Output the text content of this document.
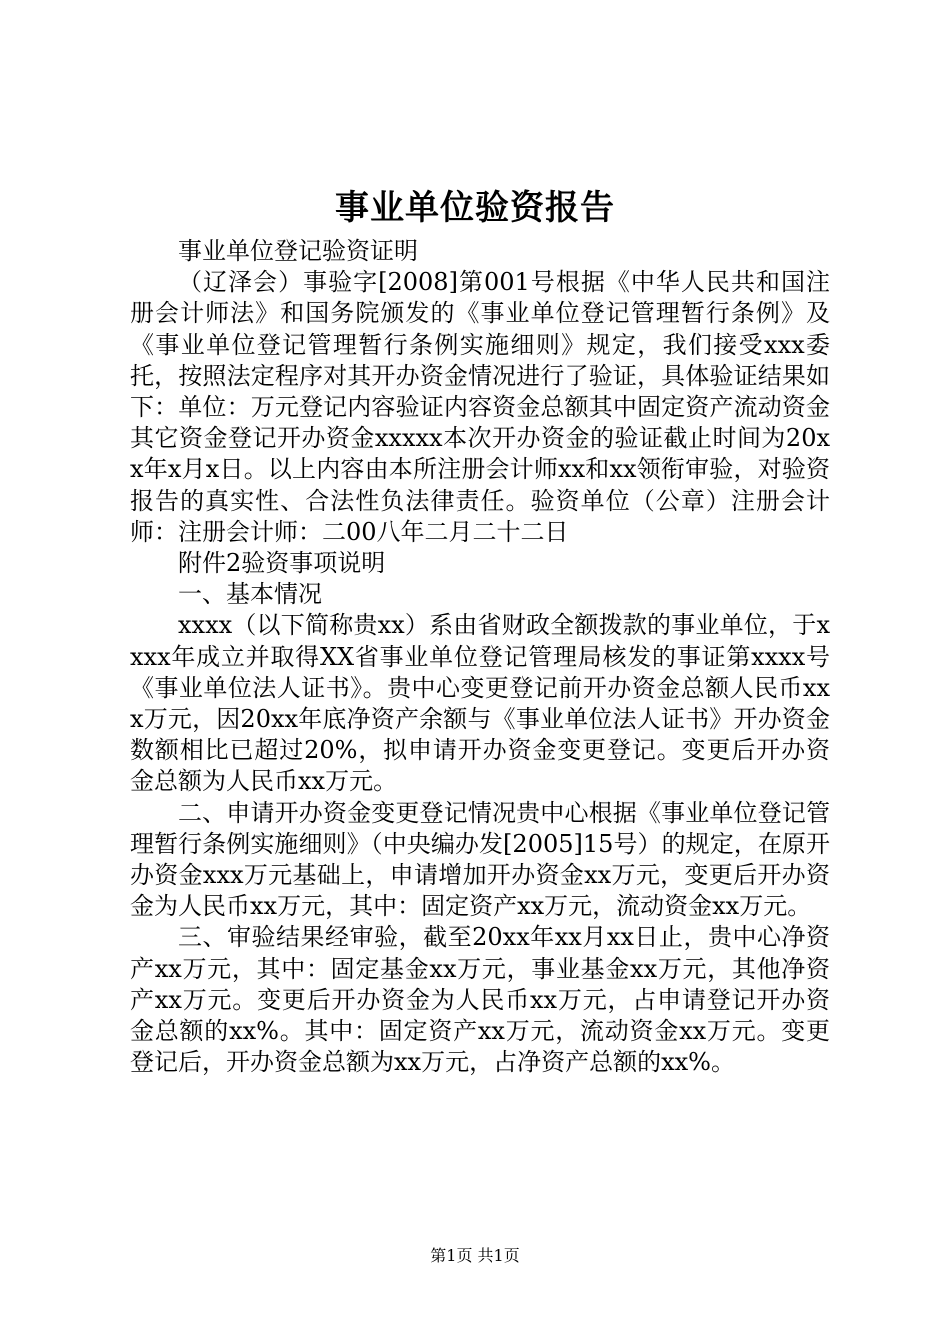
事业单位验资报告

事业单位登记验资证明

（辽泽会）事验字[2008]第001号根据《中华人民共和国注册会计师法》和国务院颁发的《事业单位登记管理暂行条例》及《事业单位登记管理暂行条例实施细则》规定，我们接受xxx委托，按照法定程序对其开办资金情况进行了验证，具体验证结果如下：单位：万元登记内容验证内容资金总额其中固定资产流动资金其它资金登记开办资金xxxxx本次开办资金的验证截止时间为20xx年x月x日。以上内容由本所注册会计师xx和xx领衔审验，对验资报告的真实性、合法性负法律责任。验资单位（公章）注册会计师：注册会计师：二00八年二月二十二日

附件2验资事项说明

一、基本情况

xxxx（以下简称贵xx）系由省财政全额拨款的事业单位，于xxxx年成立并取得XX省事业单位登记管理局核发的事证第xxxx号《事业单位法人证书》。贵中心变更登记前开办资金总额人民币xxx万元，因20xx年底净资产余额与《事业单位法人证书》开办资金数额相比已超过20%，拟申请开办资金变更登记。变更后开办资金总额为人民币xx万元。

二、申请开办资金变更登记情况贵中心根据《事业单位登记管理暂行条例实施细则》（中央编办发[2005]15号）的规定，在原开办资金xxx万元基础上，申请增加开办资金xx万元，变更后开办资金为人民币xx万元，其中：固定资产xx万元，流动资金xx万元。

三、审验结果经审验，截至20xx年xx月xx日止，贵中心净资产xx万元，其中：固定基金xx万元，事业基金xx万元，其他净资产xx万元。变更后开办资金为人民币xx万元，占申请登记开办资金总额的xx%。其中：固定资产xx万元，流动资金xx万元。变更登记后，开办资金总额为xx万元，占净资产总额的xx%。

第1页 共1页
